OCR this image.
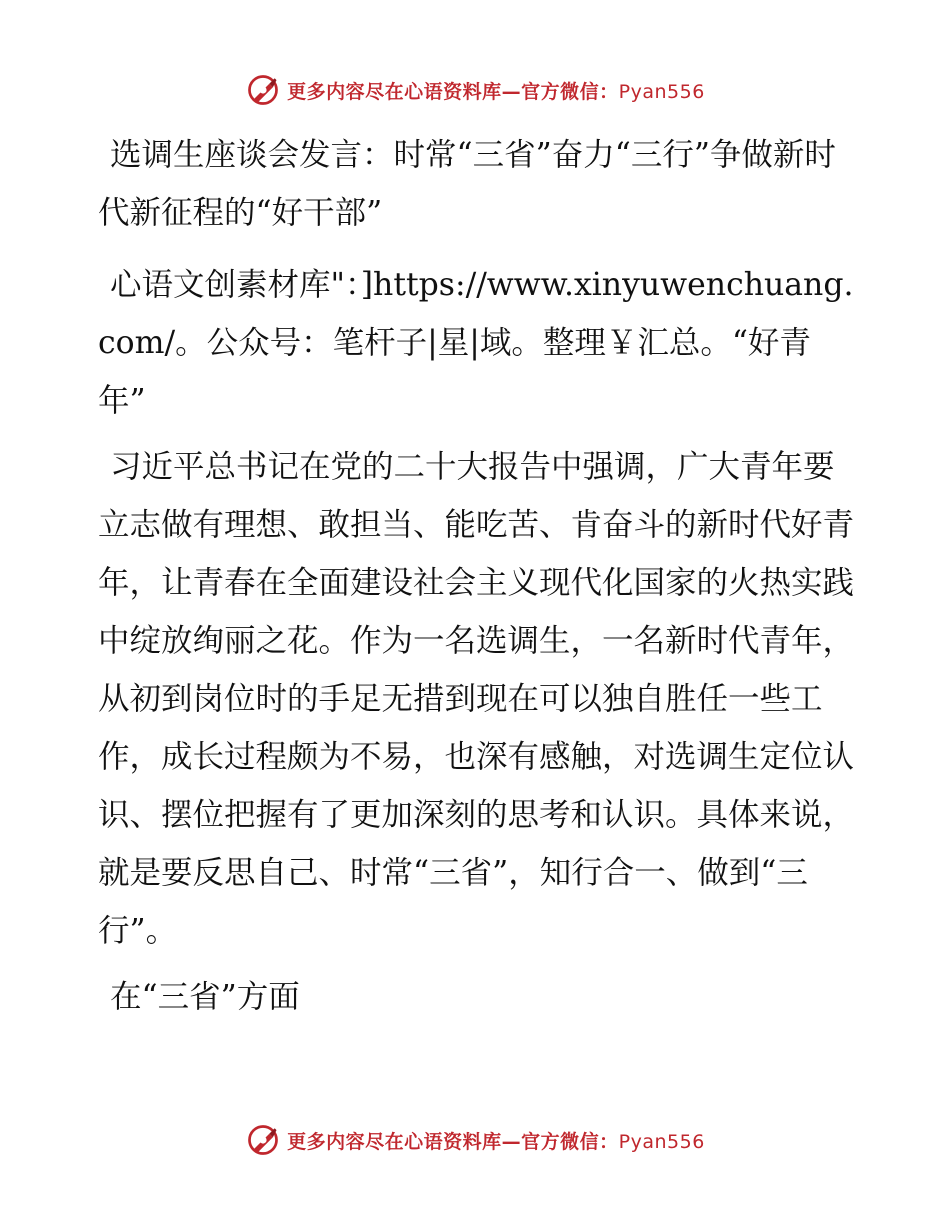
更多内容尽在心语资料库—官方微信：Pyan556

选调生座谈会发言：时常“三省”奋力“三行”争做新时代新征程的“好干部”

心语文创素材库"：]https://www.xinyuwenchuang.com/。公众号：笔杆子|星|域。整理￥汇总。“好青年”

习近平总书记在党的二十大报告中强调，广大青年要立志做有理想、敢担当、能吃苦、肯奋斗的新时代好青年，让青春在全面建设社会主义现代化国家的火热实践中绽放绚丽之花。作为一名选调生，一名新时代青年，从初到岗位时的手足无措到现在可以独自胜任一些工作，成长过程颇为不易，也深有感触，对选调生定位认识、摆位把握有了更加深刻的思考和认识。具体来说，就是要反思自己、时常“三省”，知行合一、做到“三行”。

在“三省”方面

更多内容尽在心语资料库—官方微信：Pyan556
